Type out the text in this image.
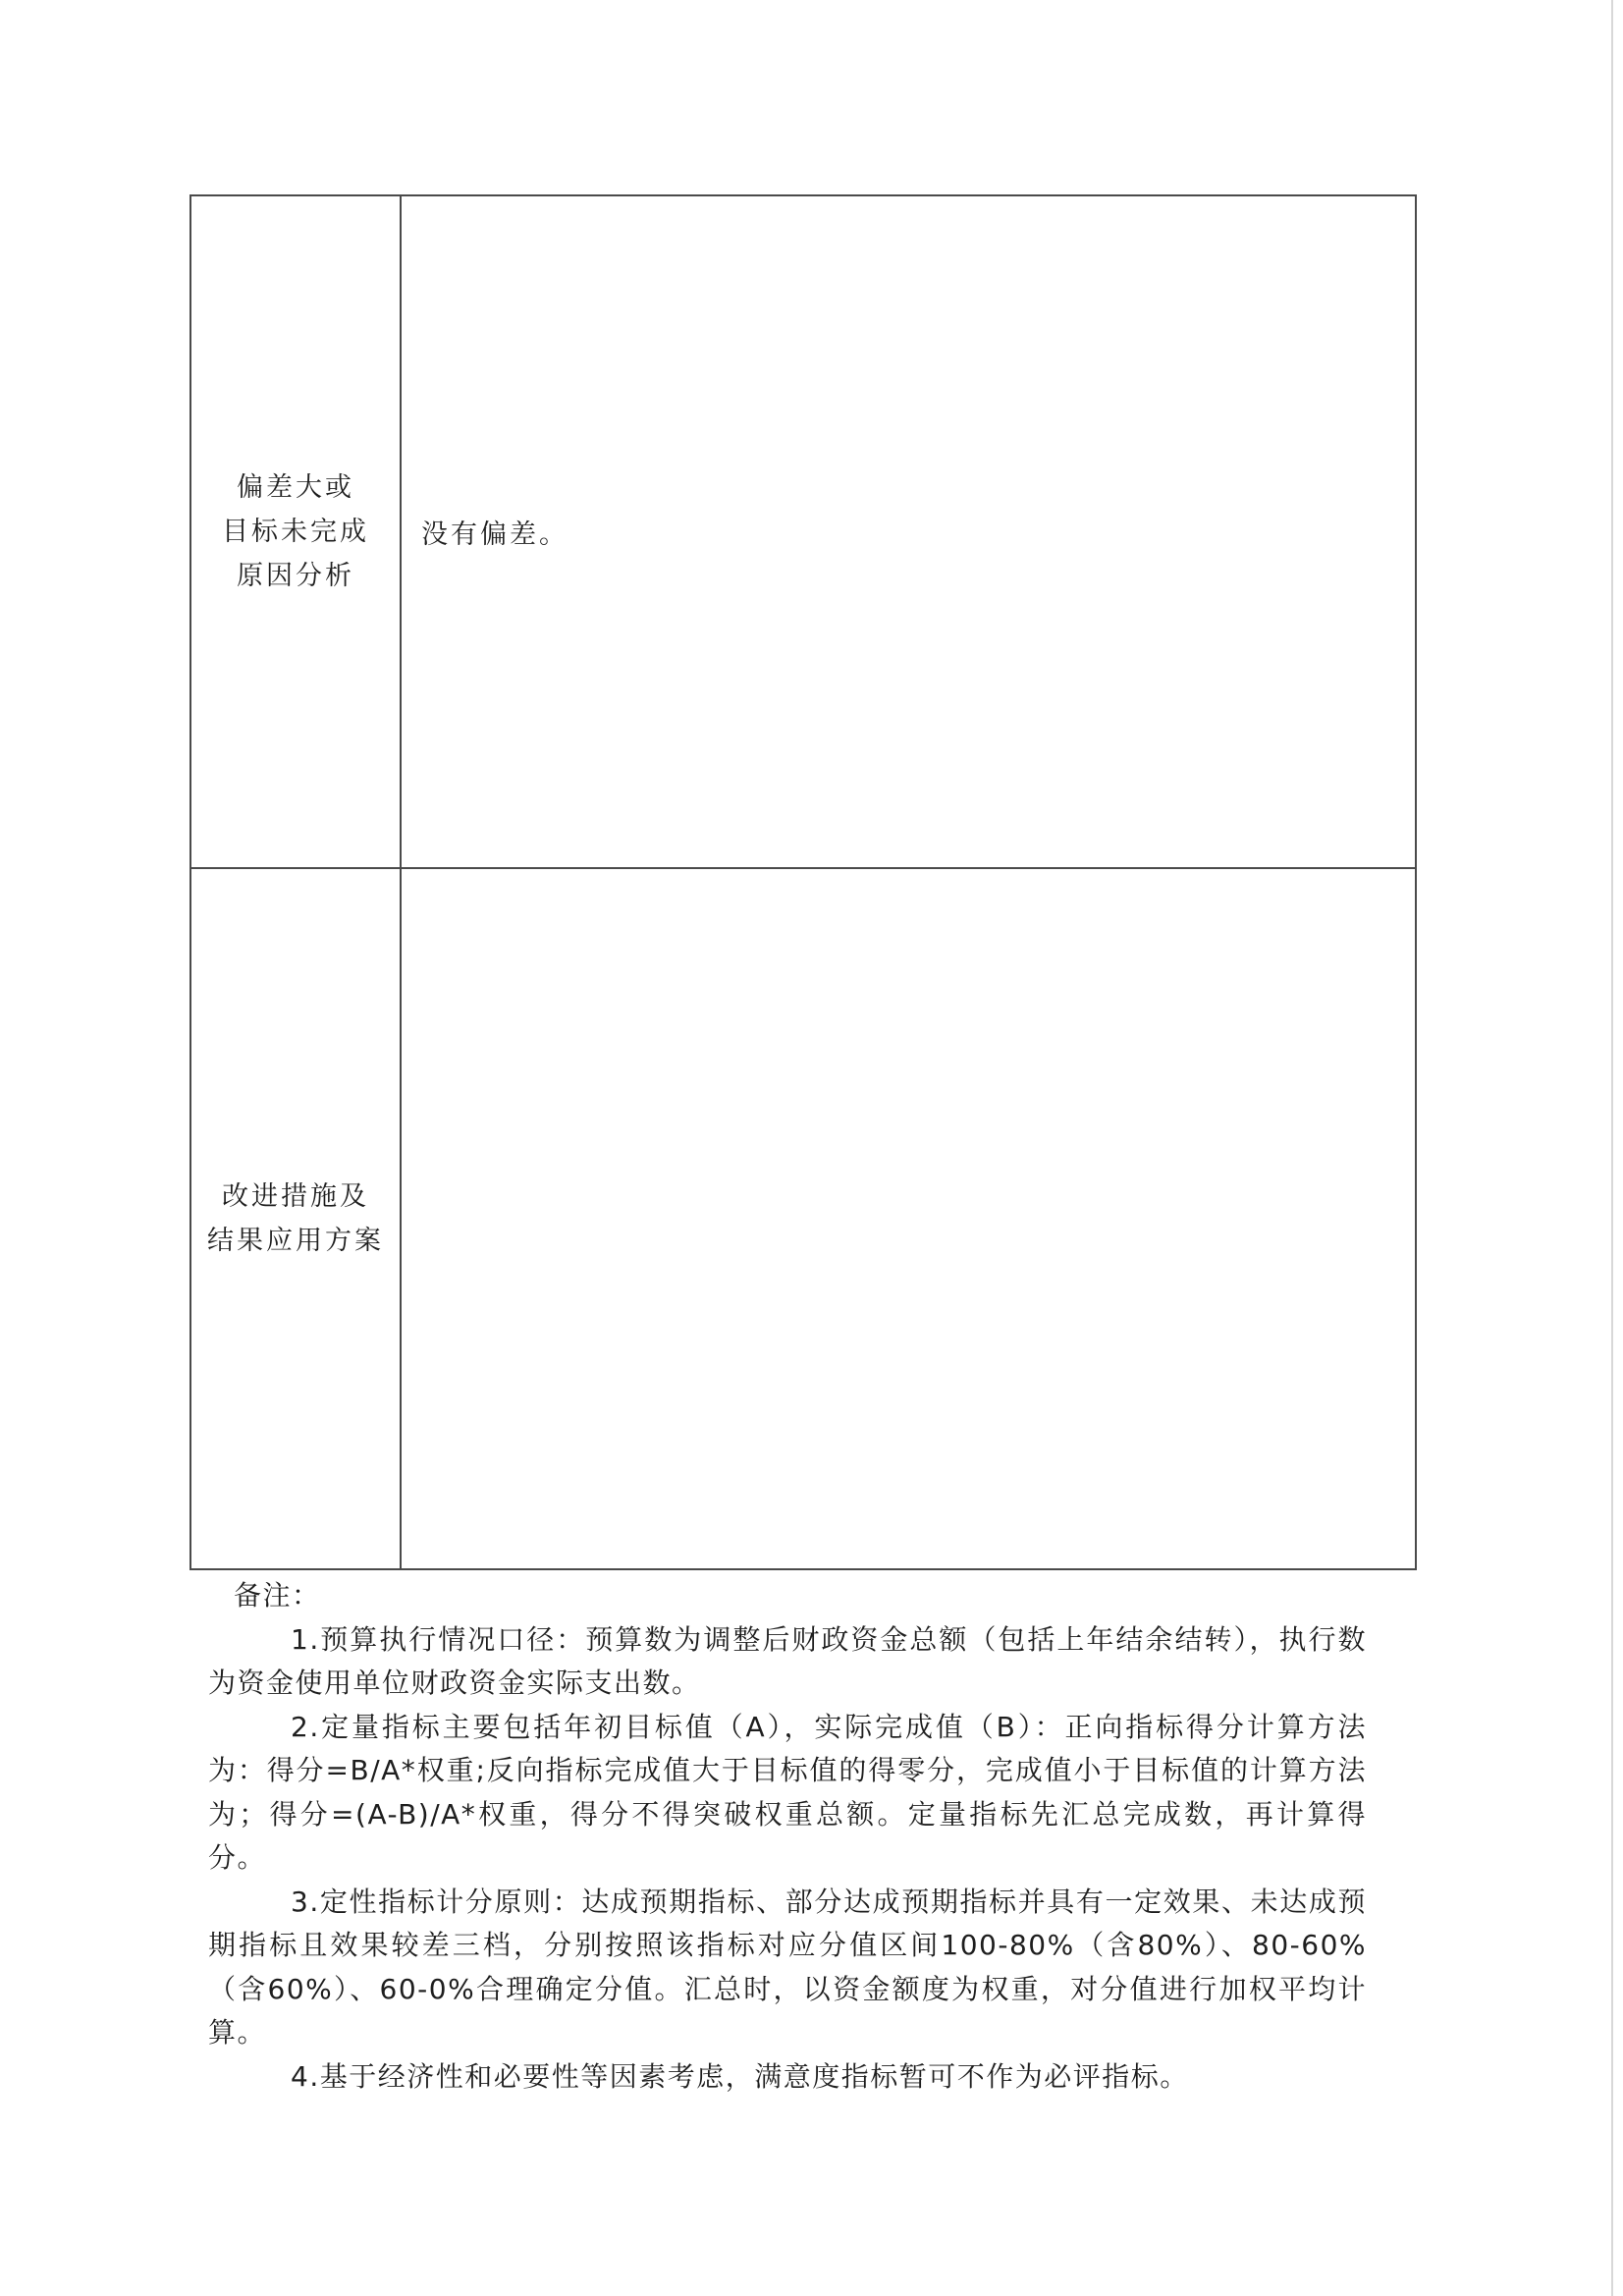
偏差大或
目标未完成
原因分析	没有偏差。

改进措施及
结果应用方案	

备注：
1.预算执行情况口径：预算数为调整后财政资金总额（包括上年结余结转），执行数为资金使用单位财政资金实际支出数。
2.定量指标主要包括年初目标值（A），实际完成值（B）：正向指标得分计算方法为：得分=B/A*权重;反向指标完成值大于目标值的得零分，完成值小于目标值的计算方法为；得分=(A-B)/A*权重，得分不得突破权重总额。定量指标先汇总完成数，再计算得分。
3.定性指标计分原则：达成预期指标、部分达成预期指标并具有一定效果、未达成预期指标且效果较差三档，分别按照该指标对应分值区间100-80%（含80%）、80-60%（含60%）、60-0%合理确定分值。汇总时，以资金额度为权重，对分值进行加权平均计算。
4.基于经济性和必要性等因素考虑，满意度指标暂可不作为必评指标。
